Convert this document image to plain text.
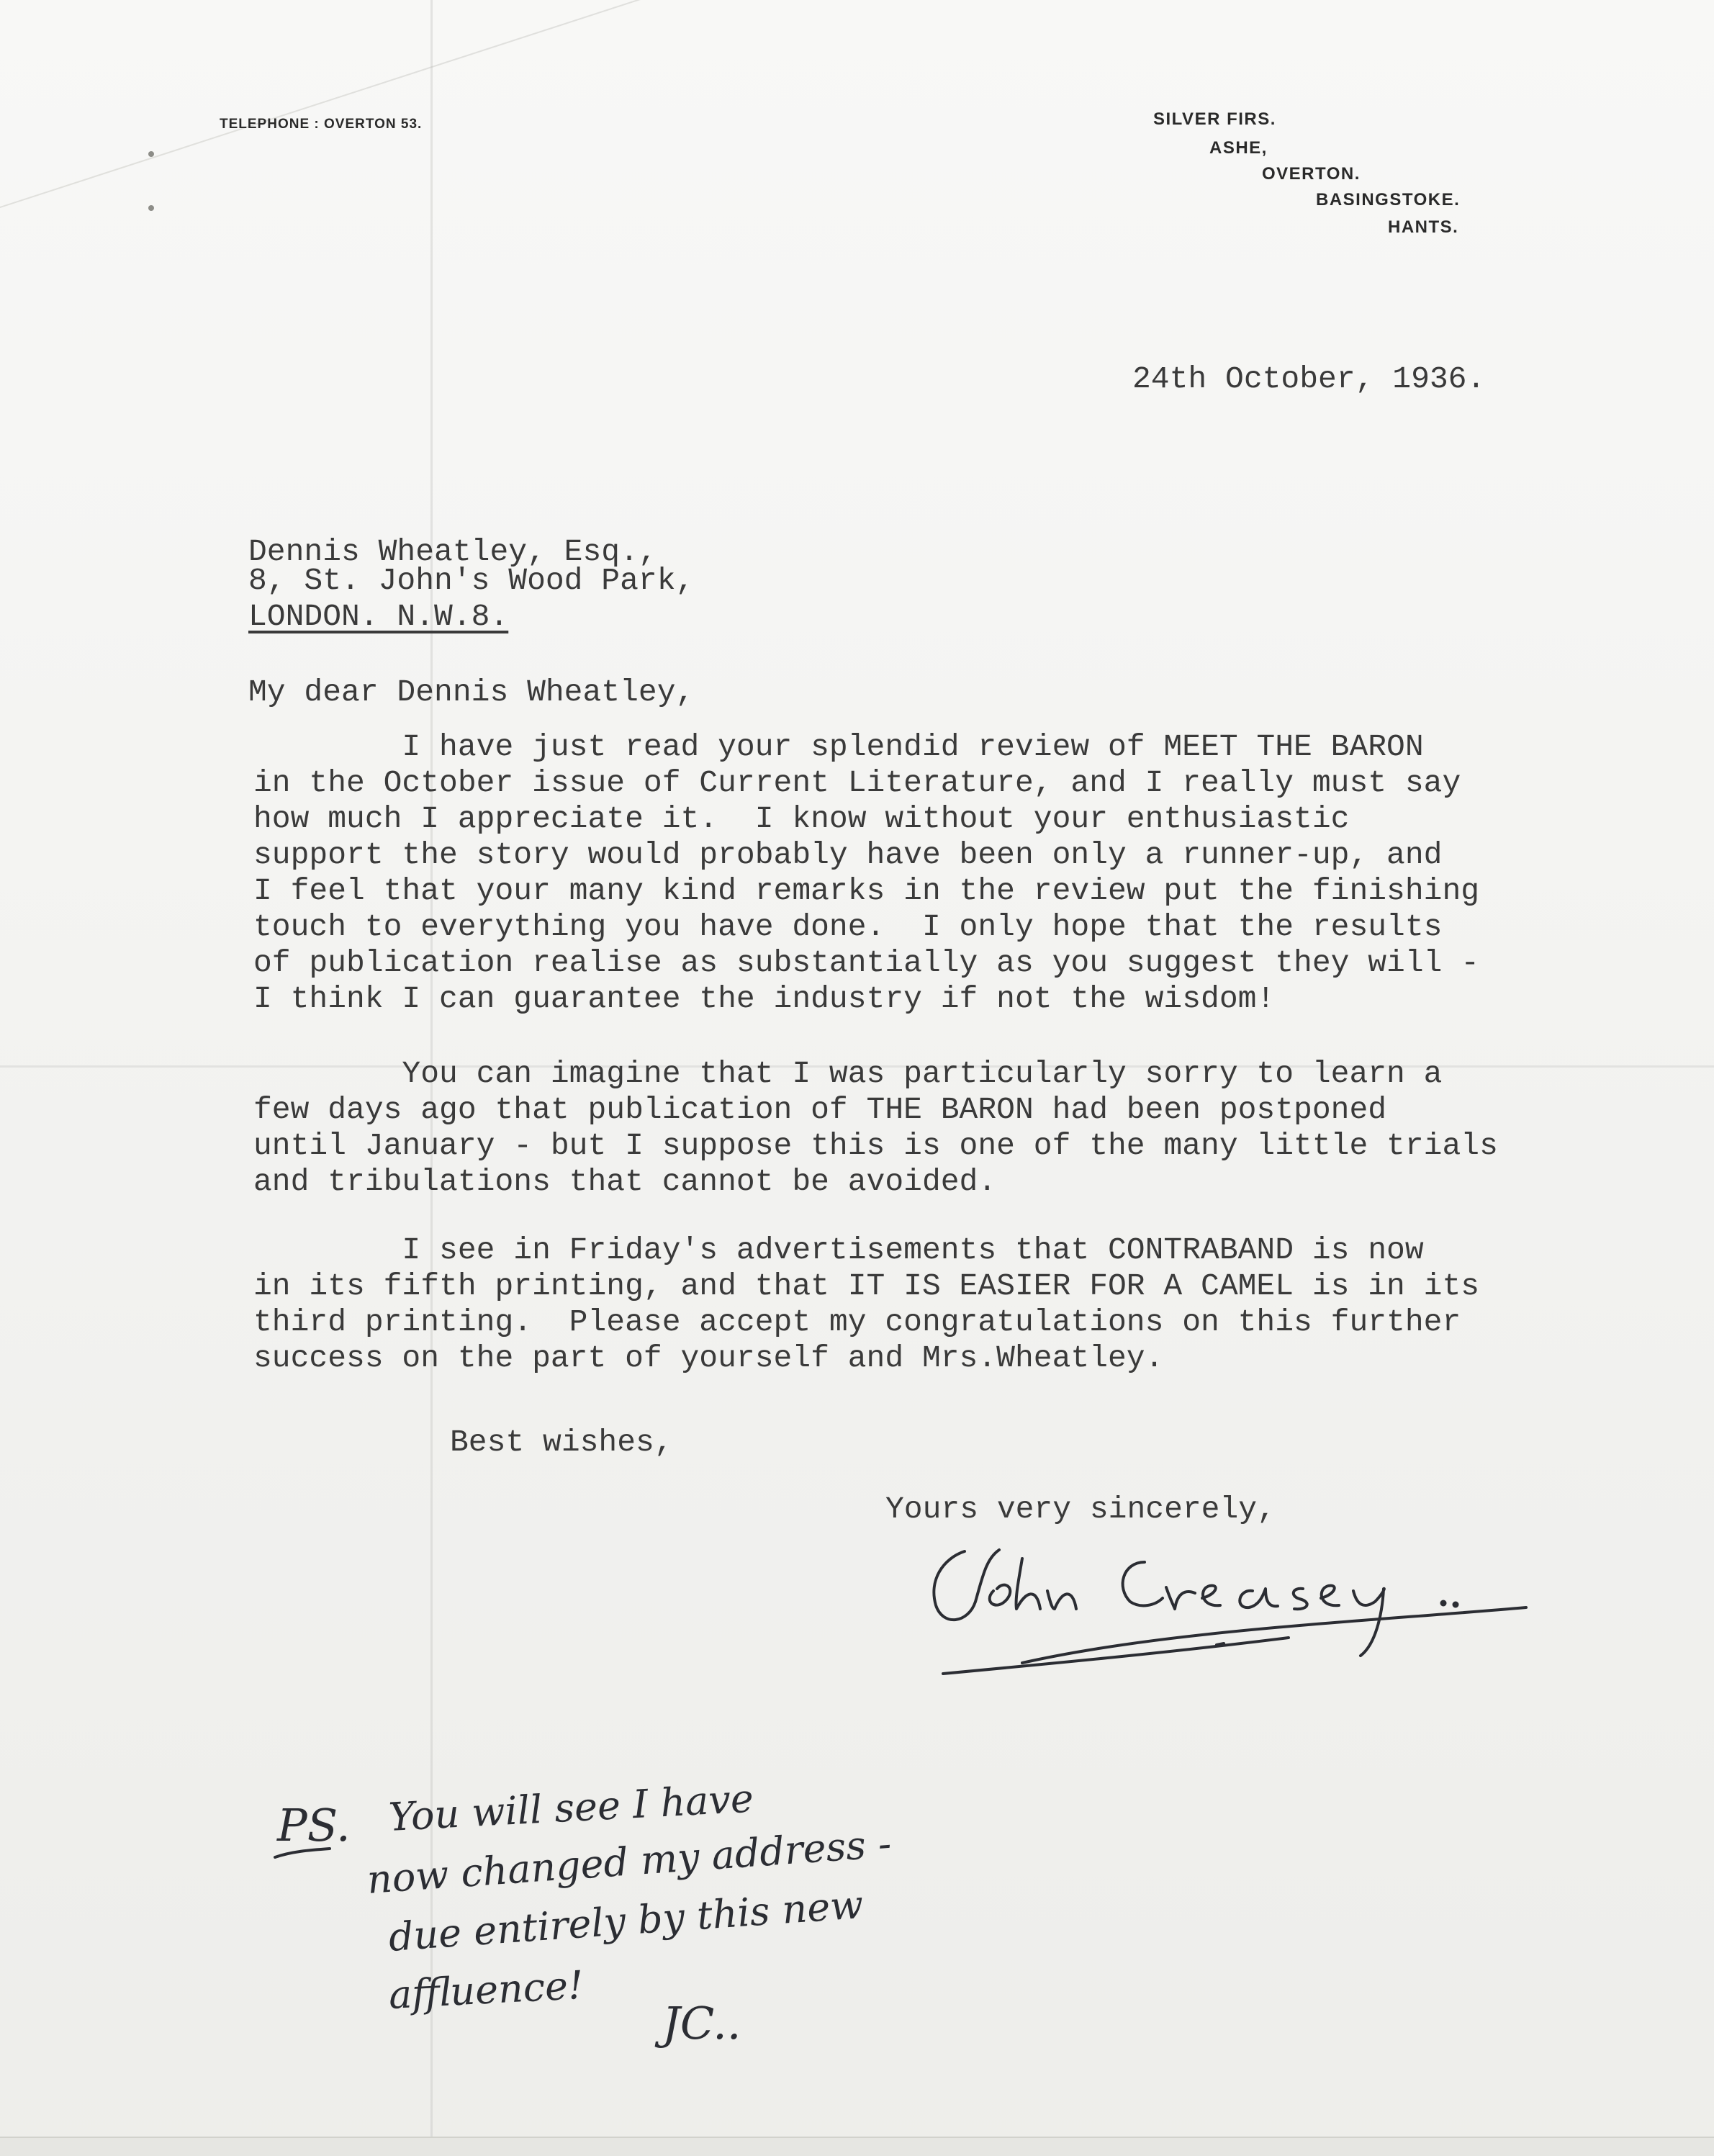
TELEPHONE : OVERTON 53.	SILVER FIRS.
ASHE,
OVERTON.
BASINGSTOKE.
HANTS.
24th October, 1936.
Dennis Wheatley, Esq.,
8, St. John's Wood Park,
LONDON. N.W.8.
My dear Dennis Wheatley,
I have just read your splendid review of MEET THE BARON
in the October issue of Current Literature, and I really must say
how much I appreciate it.  I know without your enthusiastic
support the story would probably have been only a runner-up, and
I feel that your many kind remarks in the review put the finishing
touch to everything you have done.  I only hope that the results
of publication realise as substantially as you suggest they will -
I think I can guarantee the industry if not the wisdom!
You can imagine that I was particularly sorry to learn a
few days ago that publication of THE BARON had been postponed
until January - but I suppose this is one of the many little trials
and tribulations that cannot be avoided.
I see in Friday's advertisements that CONTRABAND is now
in its fifth printing, and that IT IS EASIER FOR A CAMEL is in its
third printing.  Please accept my congratulations on this further
success on the part of yourself and Mrs.Wheatley.
Best wishes,
Yours very sincerely,
PS. You will see I have
now changed my address -
due entirely by this new
affluence!
JC..
